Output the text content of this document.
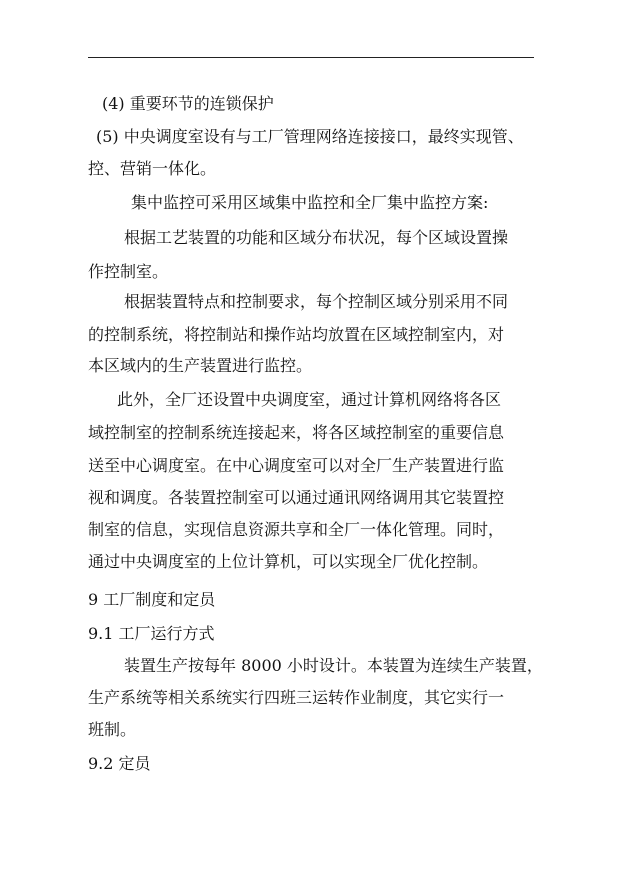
(4) 重要环节的连锁保护
(5) 中央调度室设有与工厂管理网络连接接口，最终实现管、
控、营销一体化。
集中监控可采用区域集中监控和全厂集中监控方案:
根据工艺装置的功能和区域分布状况，每个区域设置操
作控制室。
根据装置特点和控制要求，每个控制区域分别采用不同
的控制系统，将控制站和操作站均放置在区域控制室内，对
本区域内的生产装置进行监控。
此外，全厂还设置中央调度室，通过计算机网络将各区
域控制室的控制系统连接起来，将各区域控制室的重要信息
送至中心调度室。在中心调度室可以对全厂生产装置进行监
视和调度。各装置控制室可以通过通讯网络调用其它装置控
制室的信息，实现信息资源共享和全厂一体化管理。同时，
通过中央调度室的上位计算机，可以实现全厂优化控制。
9 工厂制度和定员
9.1 工厂运行方式
装置生产按每年 8000 小时设计。本装置为连续生产装置，
生产系统等相关系统实行四班三运转作业制度，其它实行一
班制。
9.2 定员
